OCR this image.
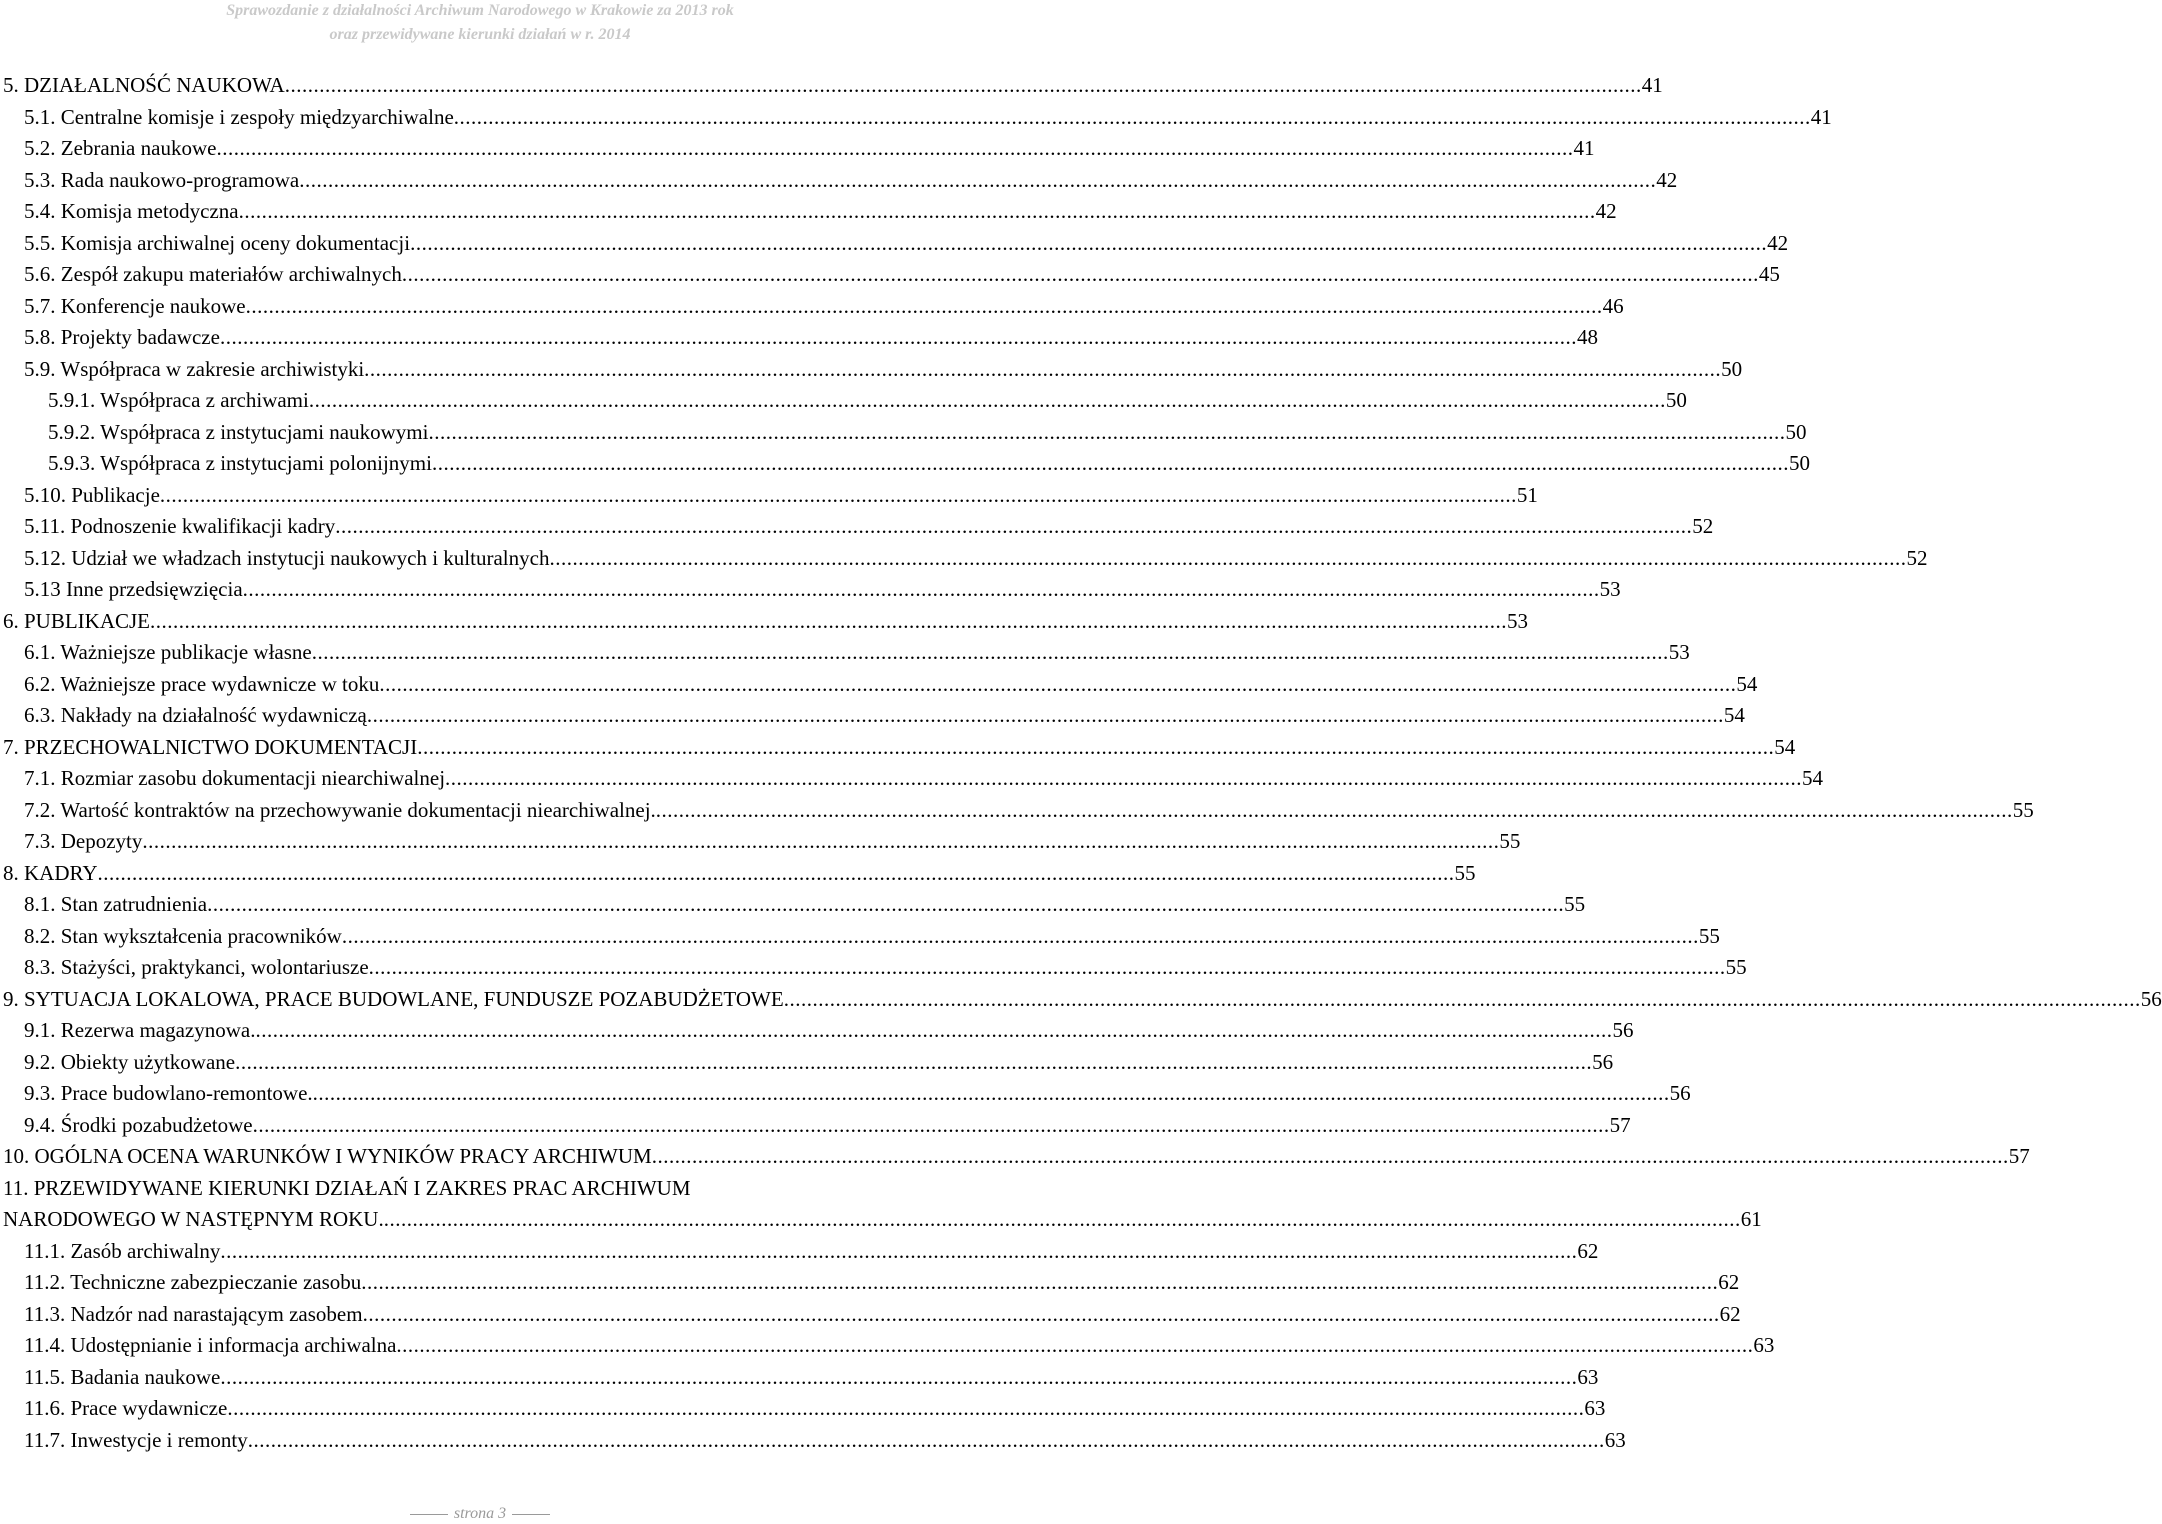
Sprawozdanie z działalności Archiwum Narodowego w Krakowie za 2013 rok
oraz przewidywane kierunki działań w r. 2014
5. DZIAŁALNOŚĆ NAUKOWA .....	41
5.1. Centralne komisje i zespoły międzyarchiwalne .....	41
5.2. Zebrania naukowe .....	41
5.3. Rada naukowo-programowa .....	42
5.4. Komisja metodyczna .....	42
5.5. Komisja archiwalnej oceny dokumentacji .....	42
5.6. Zespół zakupu materiałów archiwalnych .....	45
5.7. Konferencje naukowe .....	46
5.8. Projekty badawcze .....	48
5.9. Współpraca w zakresie archiwistyki .....	50
5.9.1. Współpraca z archiwami .....	50
5.9.2. Współpraca z instytucjami naukowymi .....	50
5.9.3. Współpraca z instytucjami polonijnymi .....	50
5.10. Publikacje .....	51
5.11. Podnoszenie kwalifikacji kadry .....	52
5.12. Udział we władzach instytucji naukowych i kulturalnych .....	52
5.13 Inne przedsięwzięcia .....	53
6. PUBLIKACJE .....	53
6.1. Ważniejsze publikacje własne .....	53
6.2. Ważniejsze prace wydawnicze w toku .....	54
6.3. Nakłady na działalność wydawniczą .....	54
7. PRZECHOWALNICTWO DOKUMENTACJI .....	54
7.1. Rozmiar zasobu dokumentacji niearchiwalnej .....	54
7.2. Wartość kontraktów na przechowywanie dokumentacji niearchiwalnej. .....	55
7.3. Depozyty .....	55
8. KADRY .....	55
8.1. Stan zatrudnienia .....	55
8.2. Stan wykształcenia pracowników .....	55
8.3. Stażyści, praktykanci, wolontariusze .....	55
9. SYTUACJA LOKALOWA, PRACE BUDOWLANE, FUNDUSZE POZABUDŻETOWE .....	56
9.1. Rezerwa magazynowa. .....	56
9.2. Obiekty użytkowane .....	56
9.3. Prace budowlano-remontowe. .....	56
9.4. Środki pozabudżetowe .....	57
10. OGÓLNA OCENA WARUNKÓW I WYNIKÓW PRACY ARCHIWUM .....	57
11. PRZEWIDYWANE KIERUNKI DZIAŁAŃ I ZAKRES PRAC ARCHIWUM
NARODOWEGO W NASTĘPNYM ROKU. .....	61
11.1. Zasób archiwalny .....	62
11.2. Techniczne zabezpieczanie zasobu .....	62
11.3. Nadzór nad narastającym zasobem .....	62
11.4. Udostępnianie i informacja archiwalna .....	63
11.5. Badania naukowe .....	63
11.6. Prace wydawnicze .....	63
11.7. Inwestycje i remonty .....	63
strona 3
